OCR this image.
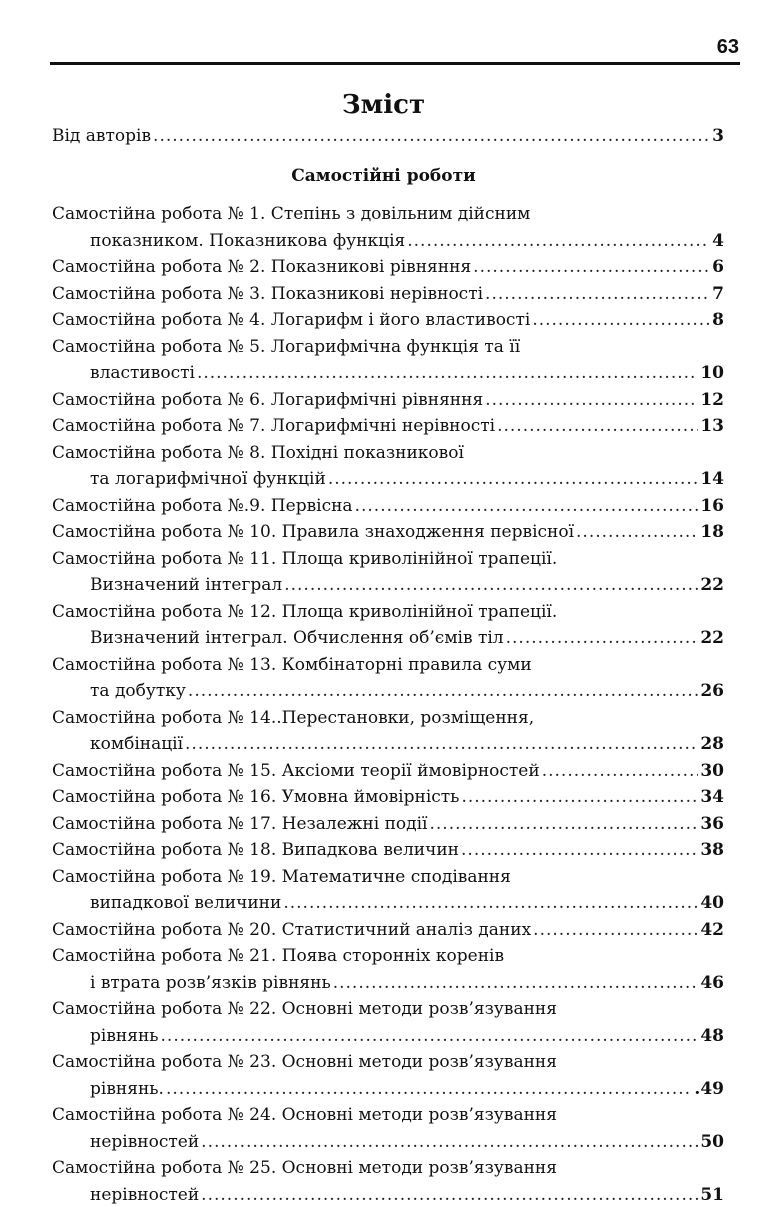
63
Зміст
Від авторів .....	3
Самостійні роботи
Самостійна робота № 1. Степінь з довільним дійсним
показником. Показникова функція .....	4
Самостійна робота № 2. Показникові рівняння .....	6
Самостійна робота № 3. Показникові нерівності .....	7
Самостійна робота № 4. Логарифм і його властивості .....	8
Самостійна робота № 5. Логарифмічна функція та її
властивості .....	10
Самостійна робота № 6. Логарифмічні рівняння .....	12
Самостійна робота № 7. Логарифмічні нерівності .....	13
Самостійна робота № 8. Похідні показникової
та логарифмічної функцій .....	14
Самостійна робота №.9. Первісна .....	16
Самостійна робота № 10. Правила знаходження первісної .....	18
Самостійна робота № 11. Площа криволінійної трапеції.
Визначений інтеграл .....	22
Самостійна робота № 12. Площа криволінійної трапеції.
Визначений інтеграл. Обчислення об’ємів тіл .....	22
Самостійна робота № 13. Комбінаторні правила суми
та добутку .....	26
Самостійна робота № 14..Перестановки, розміщення,
комбінації .....	28
Самостійна робота № 15. Аксіоми теорії ймовірностей .....	30
Самостійна робота № 16. Умовна ймовірність .....	34
Самостійна робота № 17. Незалежні події .....	36
Самостійна робота № 18. Випадкова величин .....	38
Самостійна робота № 19. Математичне сподівання
випадкової величини .....	40
Самостійна робота № 20. Статистичний аналіз даних .....	42
Самостійна робота № 21. Поява сторонніх коренів
і втрата розв’язків рівнянь .....	46
Самостійна робота № 22. Основні методи розв’язування
рівнянь .....	48
Самостійна робота № 23. Основні методи розв’язування
рівнянь. .....	.49
Самостійна робота № 24. Основні методи розв’язування
нерівностей .....	50
Самостійна робота № 25. Основні методи розв’язування
нерівностей .....	51
